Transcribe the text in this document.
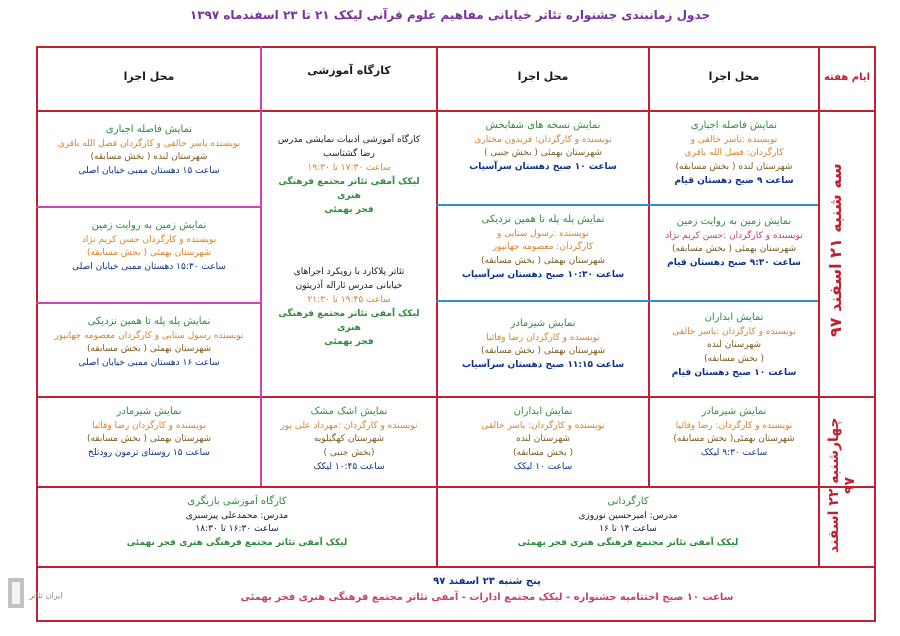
جدول زمانبندی جشنواره تئاتر خیابانی مفاهیم علوم قرآنی لیکک ۲۱ تا ۲۳ اسفندماه ۱۳۹۷
ایام هفته
محل اجرا
محل اجرا
کارگاه آموزشی
محل اجرا
سه شنبه ۲۱ اسفند ۹۷
چهارشنبه ۲۲ اسفند ۹۷
نمایش فاصله اجباری
نویسنده :یاسر خالقی و
کارگردان: فضل الله باقری
شهرستان لنده ( بخش مسابقه)
ساعت ۹ صبح دهستان قیام
نمایش زمین به روایت زمین
نویسنده و کارگردان :حسن کریم نژاد
شهرستان بهمئی ( بخش مسابقه)
ساعت ۹:۳۰ صبح دهستان قیام
نمایش ابداران
نویسنده و کارگردان :یاسر خالقی
شهرستان لنده
( بخش مسابقه)
ساعت ۱۰ صبح دهستان قیام
نمایش نسخه های شفابخش
نویسنده و کارگردان: فریدون مختاری
شهرستان بهمئی ( بخش جنبی )
ساعت ۱۰ صبح دهستان سرآسیاب
نمایش پله پله تا همین نزدیکی
نویسنده :رسول ستایی و
کارگردان: معصومه جهانپور
شهرستان بهمئی ( بخش مسابقه)
ساعت ۱۰:۳۰ صبح دهستان سرآسیاب
نمایش شیرمادر
نویسنده و کارگردان رضا وفائیا
شهرستان بهمئی ( بخش مسابقه)
ساعت ۱۱:۱۵ صبح دهستان سرآسیاب
کارگاه آموزشی ادبیات نمایشی مدرس
رضا گشتاسب
ساعت ۱۷:۳۰ تا ۱۹:۳۰
لیکک آمفی تئاتر مجتمع فرهنگی هنری
فجر بهمئی
تئاتر پلاکارد با رویکرد اجراهای
خیابانی مدرس ثاراله آذریتون
ساعت ۱۹:۴۵ تا ۲۱:۳۰
لیکک آمفی تئاتر مجتمع فرهنگی هنری
فجر بهمئی
نمایش فاصله اجباری
نویسنده یاسر خالقی و کارگردان فضل الله باقری
شهرستان لنده ( بخش مسابقه)
ساعت ۱۵ دهستان ممبی خیابان اصلی
نمایش زمین به روایت زمین
نویسنده و کارگردان حسن کریم نژاد
شهرستان بهمئی ( بخش مسابقه)
ساعت ۱۵:۳۰ دهستان ممبی خیابان اصلی
نمایش پله پله تا همین نزدیکی
نویسنده رسول ستایی و کارگردان معصومه جهانپور
شهرستان بهمئی ( بخش مسابقه)
ساعت ۱۶ دهستان ممبی خیابان اصلی
نمایش شیرمادر
نویسنده و کارگردان: رضا وفائیا
شهرستان بهمئی( بخش مسابقه)
ساعت ۹:۳۰ لیکک
نمایش ابداران
نویسنده و کارگردان: یاسر خالقی
شهرستان لنده
( بخش مسابقه)
ساعت ۱۰ لیکک
نمایش اشک مشک
نویسنده و کارگردان :مهرداد علی پور
شهرستان کهگیلویه
(بخش جنبی )
ساعت ۱۰:۴۵ لیکک
نمایش شیرمادر
نویسنده و کارگردان رضا وفائیا
شهرستان بهمئی ( بخش مسابقه)
ساعت ۱۵ روستای ترمون رودتلخ
کارگردانی
مدرس: امیرحسین نوروزی
ساعت ۱۴ تا ۱۶
لیکک آمفی تئاتر مجتمع فرهنگی هنری فجر بهمئی
کارگاه آموزشی بازیگری
مدرس: محمدعلی پیرسبزی
ساعت ۱۶:۳۰ تا ۱۸:۳۰
لیکک آمفی تئاتر مجتمع فرهنگی هنری فجر بهمئی
پنج شنبه ۲۳ اسفند ۹۷
ساعت ۱۰ صبح اختتامیه جشنواره - لیکک مجتمع ادارات - آمفی تئاتر مجتمع فرهنگی هنری فجر بهمئی
ایران تئاتر
